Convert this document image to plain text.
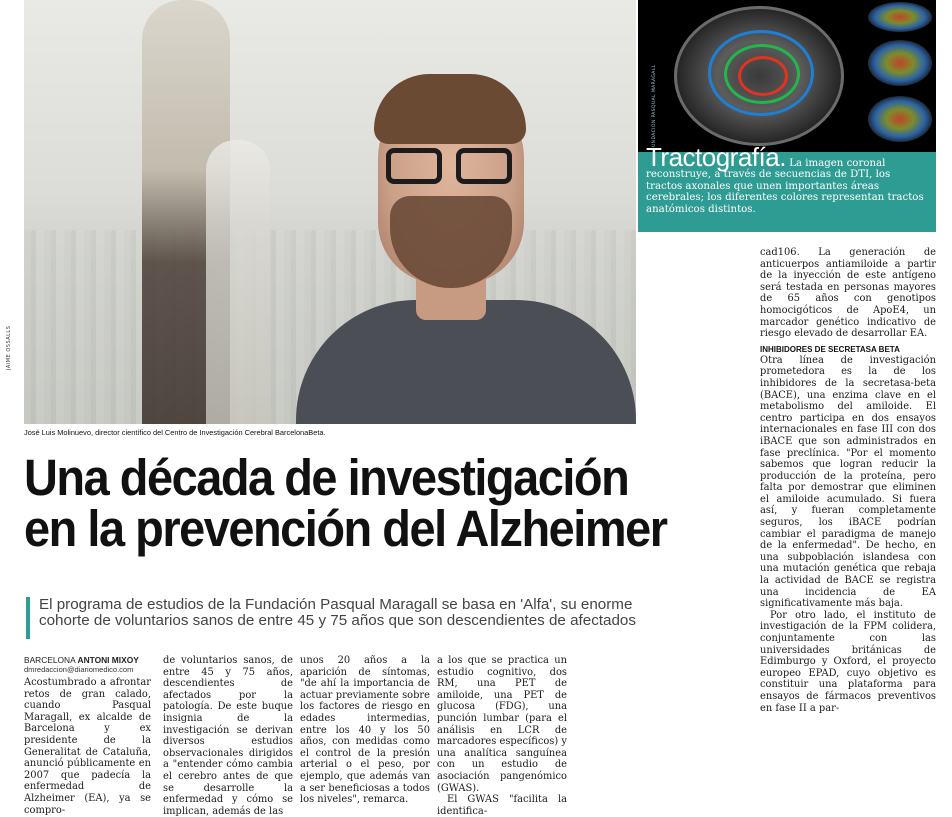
JAIME OSSALLS
José Luis Molinuevo, director científico del Centro de Investigación Cerebral BarcelonaBeta.
FUNDACIÓN PASQUAL MARAGALL
Tractografía. La imagen coronal reconstruye, a través de secuencias de DTI, los tractos axonales que unen importantes áreas cerebrales; los diferentes colores representan tractos anatómicos distintos.
Una década de investigación
en la prevención del Alzheimer
El programa de estudios de la Fundación Pasqual Maragall se basa en 'Alfa', su enorme
cohorte de voluntarios sanos de entre 45 y 75 años que son descendientes de afectados
BARCELONA ANTONI MIXOY
dmredaccion@diariomedico.com

Acostumbrado a afrontar retos de gran calado, cuando Pasqual Maragall, ex alcalde de Barcelona y ex presidente de la Generalitat de Cataluña, anunció públicamente en 2007 que padecía la enfermedad de Alzheimer (EA), ya se compro-

de voluntarios sanos, de entre 45 y 75 años, descendientes de afectados por la patología. De este buque insignia de la investigación se derivan diversos estudios observacionales dirigidos a "entender cómo cambia el cerebro antes de que se desarrolle la enfermedad y cómo se implican, además de las

unos 20 años a la aparición de síntomas, "de ahí la importancia de actuar previamente sobre los factores de riesgo en edades intermedias, entre los 40 y los 50 años, con medidas como el control de la presión arterial o el peso, por ejemplo, que además van a ser beneficiosas a todos los niveles", remarca.

a los que se practica un estudio cognitivo, dos RM, una PET de amiloide, una PET de glucosa (FDG), una punción lumbar (para el análisis en LCR de marcadores específicos) y una analítica sanguínea con un estudio de asociación pangenómico (GWAS).

El GWAS "facilita la identifica-

cad106. La generación de anticuerpos antiamiloide a partir de la inyección de este antígeno será testada en personas mayores de 65 años con genotipos homocigóticos de ApoE4, un marcador genético indicativo de riesgo elevado de desarrollar EA.

INHIBIDORES DE SECRETASA BETA

Otra línea de investigación prometedora es la de los inhibidores de la secretasa-beta (BACE), una enzima clave en el metabolismo del amiloide. El centro participa en dos ensayos internacionales en fase III con dos iBACE que son administrados en fase preclínica. "Por el momento sabemos que logran reducir la producción de la proteína, pero falta por demostrar que eliminen el amiloide acumulado. Si fuera así, y fueran completamente seguros, los iBACE podrían cambiar el paradigma de manejo de la enfermedad". De hecho, en una subpoblación islandesa con una mutación genética que rebaja la actividad de BACE se registra una incidencia de EA significativamente más baja.

Por otro lado, el instituto de investigación de la FPM colidera, conjuntamente con las universidades británicas de Edimburgo y Oxford, el proyecto europeo EPAD, cuyo objetivo es constituir una plataforma para ensayos de fármacos preventivos en fase II a par-
